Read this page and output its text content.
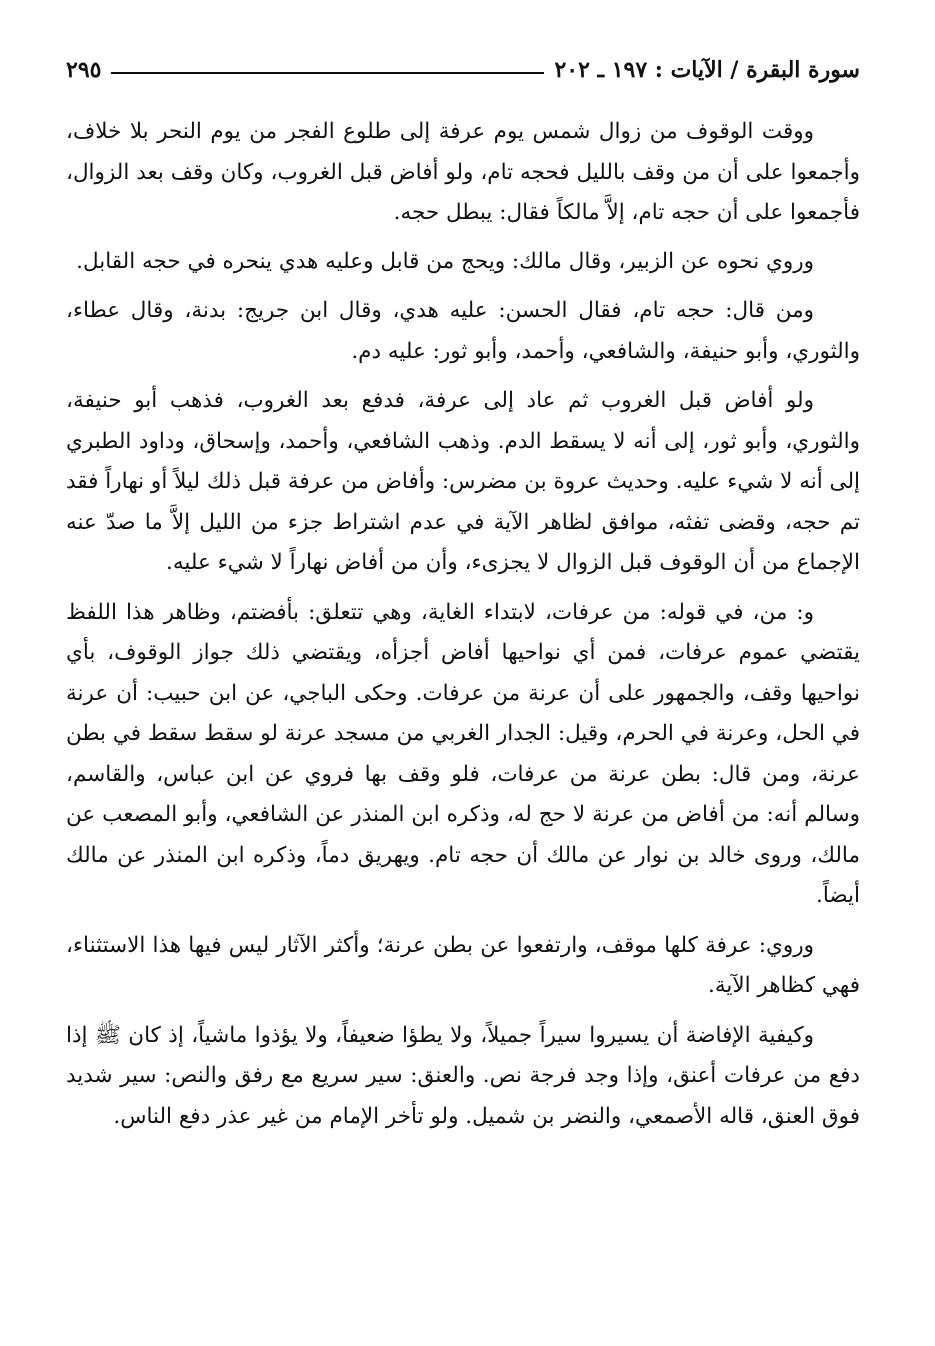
سورة البقرة / الآيات : ١٩٧ ـ ٢٠٢
٢٩٥

ووقت الوقوف من زوال شمس يوم عرفة إلى طلوع الفجر من يوم النحر بلا خلاف، وأجمعوا على أن من وقف بالليل فحجه تام، ولو أفاض قبل الغروب، وكان وقف بعد الزوال، فأجمعوا على أن حجه تام، إلاَّ مالكاً فقال: يبطل حجه.

وروي نحوه عن الزبير، وقال مالك: ويحج من قابل وعليه هدي ينحره في حجه القابل.

ومن قال: حجه تام، فقال الحسن: عليه هدي، وقال ابن جريج: بدنة، وقال عطاء، والثوري، وأبو حنيفة، والشافعي، وأحمد، وأبو ثور: عليه دم.

ولو أفاض قبل الغروب ثم عاد إلى عرفة، فدفع بعد الغروب، فذهب أبو حنيفة، والثوري، وأبو ثور، إلى أنه لا يسقط الدم. وذهب الشافعي، وأحمد، وإسحاق، وداود الطبري إلى أنه لا شيء عليه. وحديث عروة بن مضرس: وأفاض من عرفة قبل ذلك ليلاً أو نهاراً فقد تم حجه، وقضى تفثه، موافق لظاهر الآية في عدم اشتراط جزء من الليل إلاَّ ما صدّ عنه الإجماع من أن الوقوف قبل الزوال لا يجزىء، وأن من أفاض نهاراً لا شيء عليه.

و: من، في قوله: من عرفات، لابتداء الغاية، وهي تتعلق: بأفضتم، وظاهر هذا اللفظ يقتضي عموم عرفات، فمن أي نواحيها أفاض أجزأه، ويقتضي ذلك جواز الوقوف، بأي نواحيها وقف، والجمهور على أن عرنة من عرفات. وحكى الباجي، عن ابن حبيب: أن عرنة في الحل، وعرنة في الحرم، وقيل: الجدار الغربي من مسجد عرنة لو سقط سقط في بطن عرنة، ومن قال: بطن عرنة من عرفات، فلو وقف بها فروي عن ابن عباس، والقاسم، وسالم أنه: من أفاض من عرنة لا حج له، وذكره ابن المنذر عن الشافعي، وأبو المصعب عن مالك، وروى خالد بن نوار عن مالك أن حجه تام. ويهريق دماً، وذكره ابن المنذر عن مالك أيضاً.

وروي: عرفة كلها موقف، وارتفعوا عن بطن عرنة؛ وأكثر الآثار ليس فيها هذا الاستثناء، فهي كظاهر الآية.

وكيفية الإفاضة أن يسيروا سيراً جميلاً، ولا يطؤا ضعيفاً، ولا يؤذوا ماشياً، إذ كان ﷺ إذا دفع من عرفات أعنق، وإذا وجد فرجة نص. والعنق: سير سريع مع رفق والنص: سير شديد فوق العنق، قاله الأصمعي، والنضر بن شميل. ولو تأخر الإمام من غير عذر دفع الناس.
